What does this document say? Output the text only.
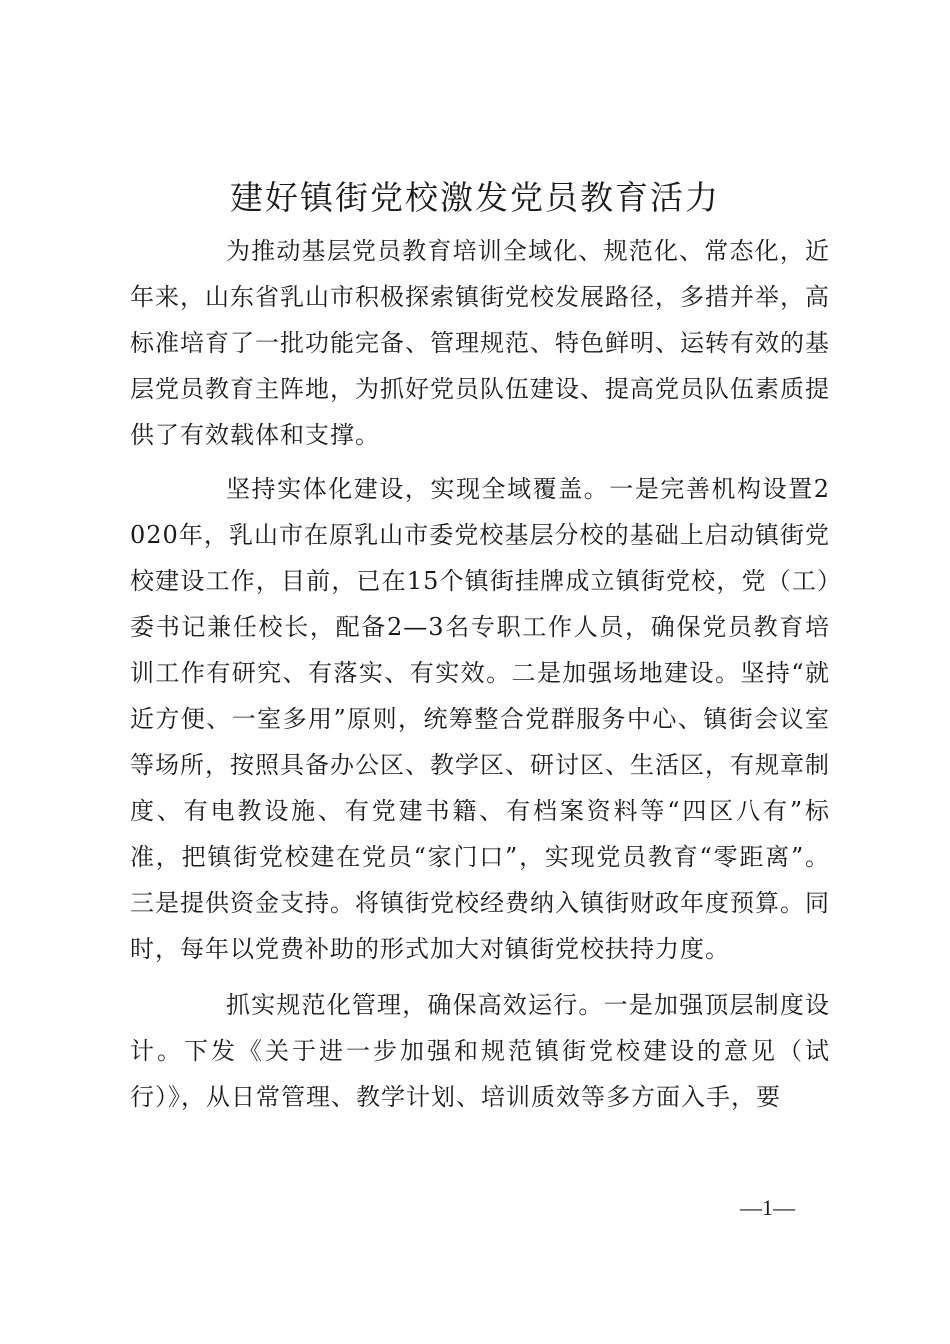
建好镇街党校激发党员教育活力

为推动基层党员教育培训全域化、规范化、常态化，近年来，山东省乳山市积极探索镇街党校发展路径，多措并举，高标准培育了一批功能完备、管理规范、特色鲜明、运转有效的基层党员教育主阵地，为抓好党员队伍建设、提高党员队伍素质提供了有效载体和支撑。

坚持实体化建设，实现全域覆盖。一是完善机构设置2020年，乳山市在原乳山市委党校基层分校的基础上启动镇街党校建设工作，目前，已在15个镇街挂牌成立镇街党校，党（工）委书记兼任校长，配备2—3名专职工作人员，确保党员教育培训工作有研究、有落实、有实效。二是加强场地建设。坚持“就近方便、一室多用”原则，统筹整合党群服务中心、镇街会议室等场所，按照具备办公区、教学区、研讨区、生活区，有规章制度、有电教设施、有党建书籍、有档案资料等“四区八有”标准，把镇街党校建在党员“家门口”，实现党员教育“零距离”。三是提供资金支持。将镇街党校经费纳入镇街财政年度预算。同时，每年以党费补助的形式加大对镇街党校扶持力度。

抓实规范化管理，确保高效运行。一是加强顶层制度设计。下发《关于进一步加强和规范镇街党校建设的意见（试行）》，从日常管理、教学计划、培训质效等多方面入手，要

—1—
